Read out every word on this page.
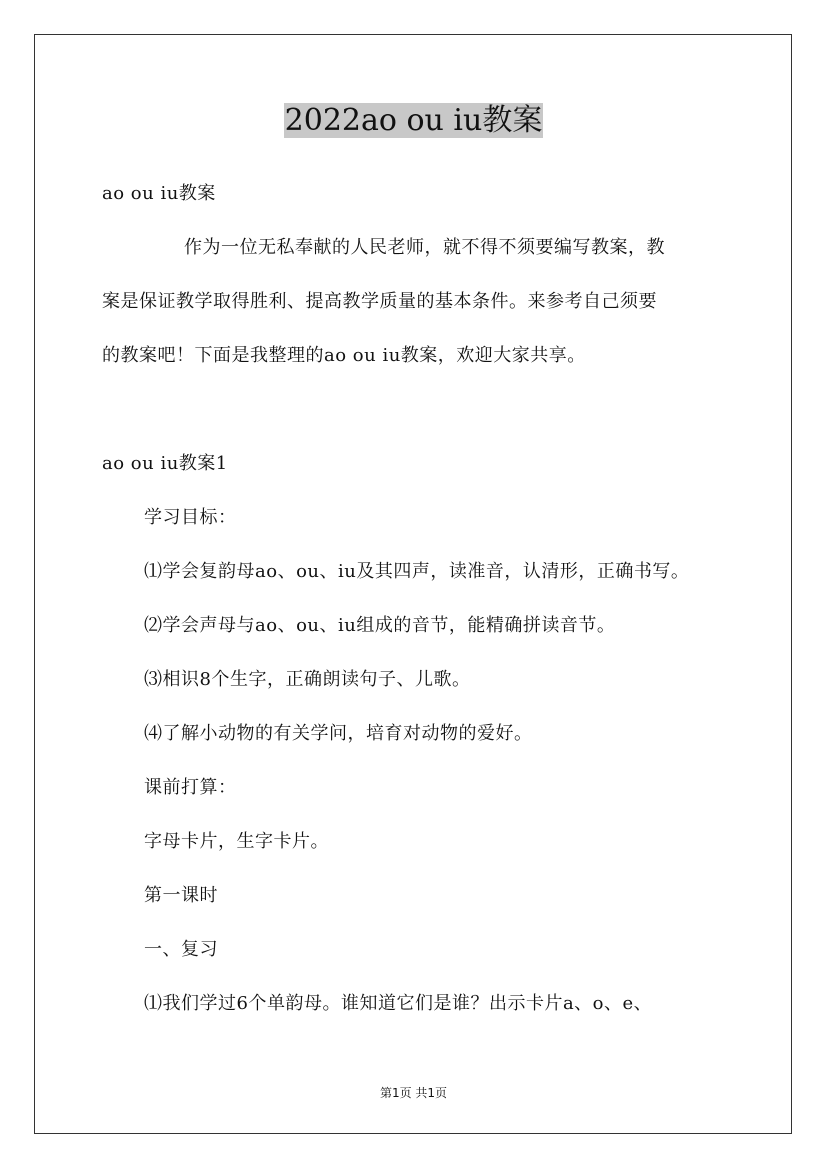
2022ao ou iu教案
ao ou iu教案
作为一位无私奉献的人民老师，就不得不须要编写教案，教
案是保证教学取得胜利、提高教学质量的基本条件。来参考自己须要
的教案吧！下面是我整理的ao ou iu教案，欢迎大家共享。
ao ou iu教案1
学习目标：
⑴学会复韵母ao、ou、iu及其四声，读准音，认清形，正确书写。
⑵学会声母与ao、ou、iu组成的音节，能精确拼读音节。
⑶相识8个生字，正确朗读句子、儿歌。
⑷了解小动物的有关学问，培育对动物的爱好。
课前打算：
字母卡片，生字卡片。
第一课时
一、复习
⑴我们学过6个单韵母。谁知道它们是谁？出示卡片a、o、e、
第1页 共1页
